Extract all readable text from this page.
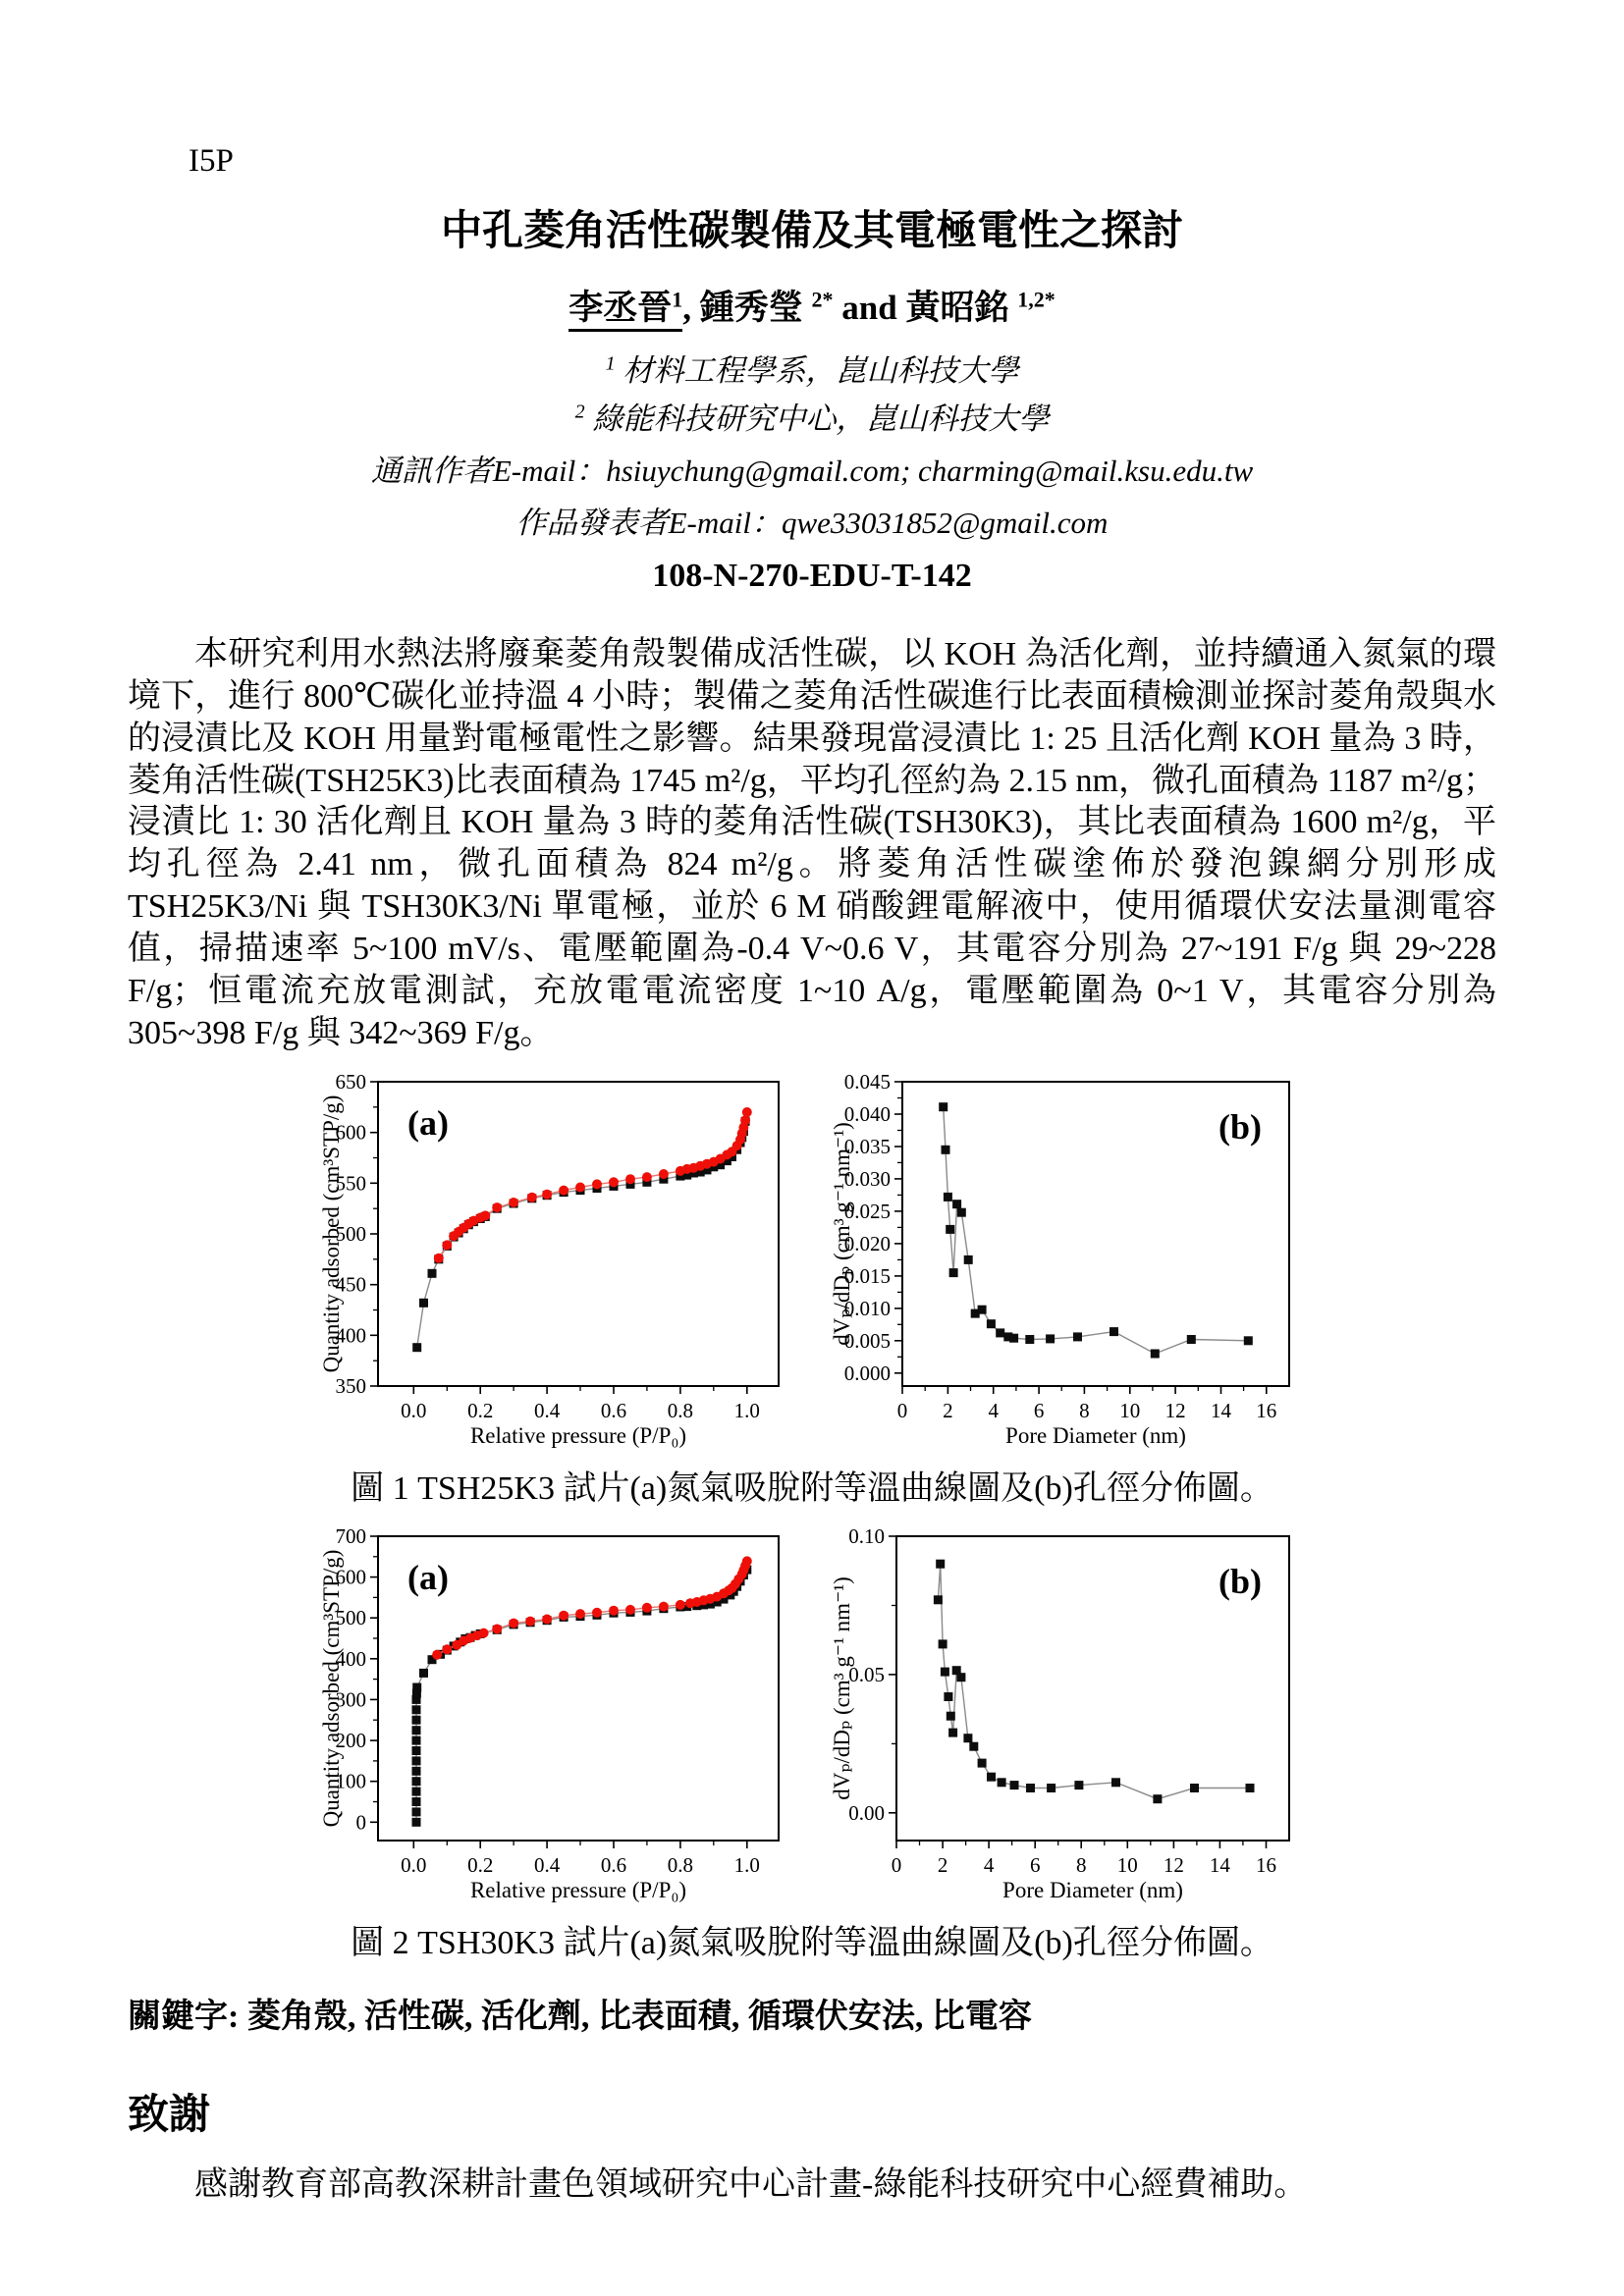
I5P
中孔菱角活性碳製備及其電極電性之探討
李丞晉$^1$, 鍾秀瑩 $^{2*}$ and 黃昭銘 $^{1,2*}$
$^1$ 材料工程學系，崑山科技大學
$^2$ 綠能科技研究中心，崑山科技大學
通訊作者E-mail：hsiuychung@gmail.com; charming@mail.ksu.edu.tw
作品發表者E-mail：qwe33031852@gmail.com
108-N-270-EDU-T-142

本研究利用水熱法將廢棄菱角殼製備成活性碳，以 KOH 為活化劑，並持續通入氮氣的環境下，進行 800℃碳化並持溫 4 小時；製備之菱角活性碳進行比表面積檢測並探討菱角殼與水的浸漬比及 KOH 用量對電極電性之影響。結果發現當浸漬比 1: 25 且活化劑 KOH 量為 3 時，菱角活性碳(TSH25K3)比表面積為 1745 m²/g，平均孔徑約為 2.15 nm，微孔面積為 1187 m²/g；浸漬比 1: 30 活化劑且 KOH 量為 3 時的菱角活性碳(TSH30K3)，其比表面積為 1600 m²/g，平均孔徑為 2.41 nm，微孔面積為 824 m²/g。將菱角活性碳塗佈於發泡鎳網分別形成 TSH25K3/Ni 與 TSH30K3/Ni 單電極，並於 6 M 硝酸鋰電解液中，使用循環伏安法量測電容值，掃描速率 5~100 mV/s、電壓範圍為-0.4 V~0.6 V，其電容分別為 27~191 F/g 與 29~228 F/g；恒電流充放電測試，充放電電流密度 1~10 A/g，電壓範圍為 0~1 V，其電容分別為 305~398 F/g 與 342~369 F/g。

0.0 0.2 0.4 0.6 0.8 1.0
350
400
450
500
550
600
650
Relative pressure (P/P₀)
Quantity adsorbed (cm³STP/g) (a)
0 2 4 6 8 10 12 14 16
0.000
0.005
0.010
0.015
0.020
0.025
0.030
0.035
0.040
0.045
Pore Diameter (nm)
dVₚ/dDₚ (cm³ g⁻¹ nm⁻¹)	(b)
圖 1 TSH25K3 試片(a)氮氣吸脫附等溫曲線圖及(b)孔徑分佈圖。
0.0 0.2 0.4 0.6 0.8 1.0
0
100
200
300
400
500
600
700
Relative pressure (P/P₀)
Quantity adsorbed (cm³STP/g) (a)
0 2 4 6 8 10 12 14 16
0.00
0.05
0.10
Pore Diameter (nm)
dVₚ/dDₚ (cm³ g⁻¹ nm⁻¹)	(b)
圖 2 TSH30K3 試片(a)氮氣吸脫附等溫曲線圖及(b)孔徑分佈圖。
關鍵字: 菱角殼, 活性碳, 活化劑, 比表面積, 循環伏安法, 比電容
致謝
感謝教育部高教深耕計畫色領域研究中心計畫-綠能科技研究中心經費補助。
